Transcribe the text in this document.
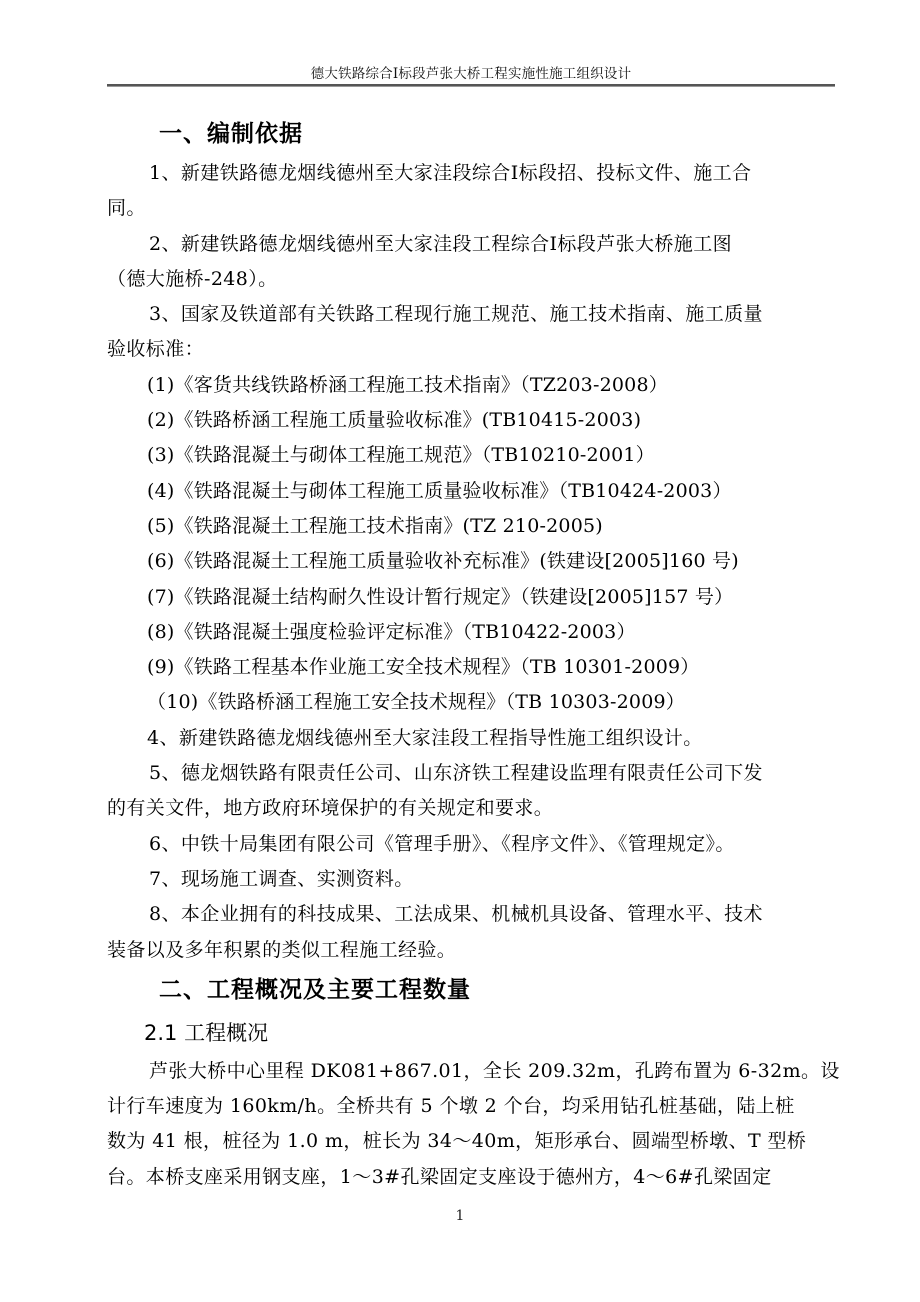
德大铁路综合Ⅰ标段芦张大桥工程实施性施工组织设计
一、编制依据

1、新建铁路德龙烟线德州至大家洼段综合Ⅰ标段招、投标文件、施工合
同。

2、新建铁路德龙烟线德州至大家洼段工程综合Ⅰ标段芦张大桥施工图
（德大施桥-248）。

3、国家及铁道部有关铁路工程现行施工规范、施工技术指南、施工质量
验收标准：

(1)《客货共线铁路桥涵工程施工技术指南》（TZ203-2008）
(2)《铁路桥涵工程施工质量验收标准》(TB10415-2003)
(3)《铁路混凝土与砌体工程施工规范》（TB10210-2001）
(4)《铁路混凝土与砌体工程施工质量验收标准》（TB10424-2003）
(5)《铁路混凝土工程施工技术指南》(TZ 210-2005)
(6)《铁路混凝土工程施工质量验收补充标准》(铁建设[2005]160 号)
(7)《铁路混凝土结构耐久性设计暂行规定》（铁建设[2005]157 号）
(8)《铁路混凝土强度检验评定标准》（TB10422-2003）
(9)《铁路工程基本作业施工安全技术规程》（TB 10301-2009）
（10)《铁路桥涵工程施工安全技术规程》（TB 10303-2009）

4、新建铁路德龙烟线德州至大家洼段工程指导性施工组织设计。

5、德龙烟铁路有限责任公司、山东济铁工程建设监理有限责任公司下发
的有关文件，地方政府环境保护的有关规定和要求。

6、中铁十局集团有限公司《管理手册》、《程序文件》、《管理规定》。

7、现场施工调查、实测资料。

8、本企业拥有的科技成果、工法成果、机械机具设备、管理水平、技术
装备以及多年积累的类似工程施工经验。

二、工程概况及主要工程数量
2.1 工程概况

芦张大桥中心里程 DK081+867.01，全长 209.32m，孔跨布置为 6-32m。设
计行车速度为 160km/h。全桥共有 5 个墩 2 个台，均采用钻孔桩基础，陆上桩
数为 41 根，桩径为 1.0 m，桩长为 34～40m，矩形承台、圆端型桥墩、T 型桥
台。本桥支座采用钢支座，1～3#孔梁固定支座设于德州方，4～6#孔梁固定

1
